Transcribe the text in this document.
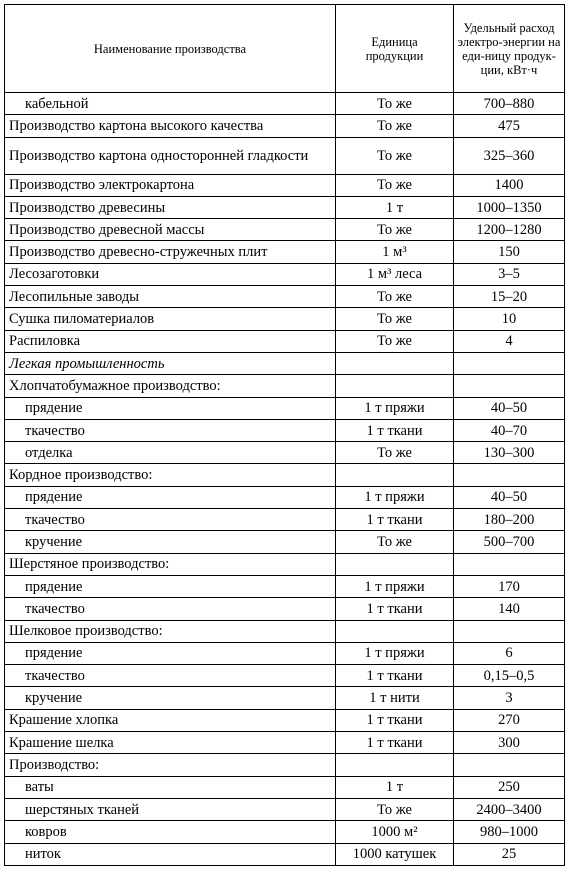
Наименование производства	Единица продукции	Удельный расход электро-энергии на еди-ницу продук-ции, кВт·ч

кабельной	То же	700–880
Производство картона высокого качества	То же	475
Производство картона односторонней гладкости	То же	325–360
Производство электрокартона	То же	1400
Производство древесины	1 т	1000–1350
Производство древесной массы	То же	1200–1280
Производство древесно-стружечных плит	1 м³	150
Лесозаготовки	1 м³ леса	3–5
Лесопильные заводы	То же	15–20
Сушка пиломатериалов	То же	10
Распиловка	То же	4
Легкая промышленность		
Хлопчатобумажное производство:		
прядение	1 т пряжи	40–50
ткачество	1 т ткани	40–70
отделка	То же	130–300
Кордное производство:		
прядение	1 т пряжи	40–50
ткачество	1 т ткани	180–200
кручение	То же	500–700
Шерстяное производство:		
прядение	1 т пряжи	170
ткачество	1 т ткани	140
Шелковое производство:		
прядение	1 т пряжи	6
ткачество	1 т ткани	0,15–0,5
кручение	1 т нити	3
Крашение хлопка	1 т ткани	270
Крашение шелка	1 т ткани	300
Производство:		
ваты	1 т	250
шерстяных тканей	То же	2400–3400
ковров	1000 м²	980–1000
ниток	1000 катушек	25
